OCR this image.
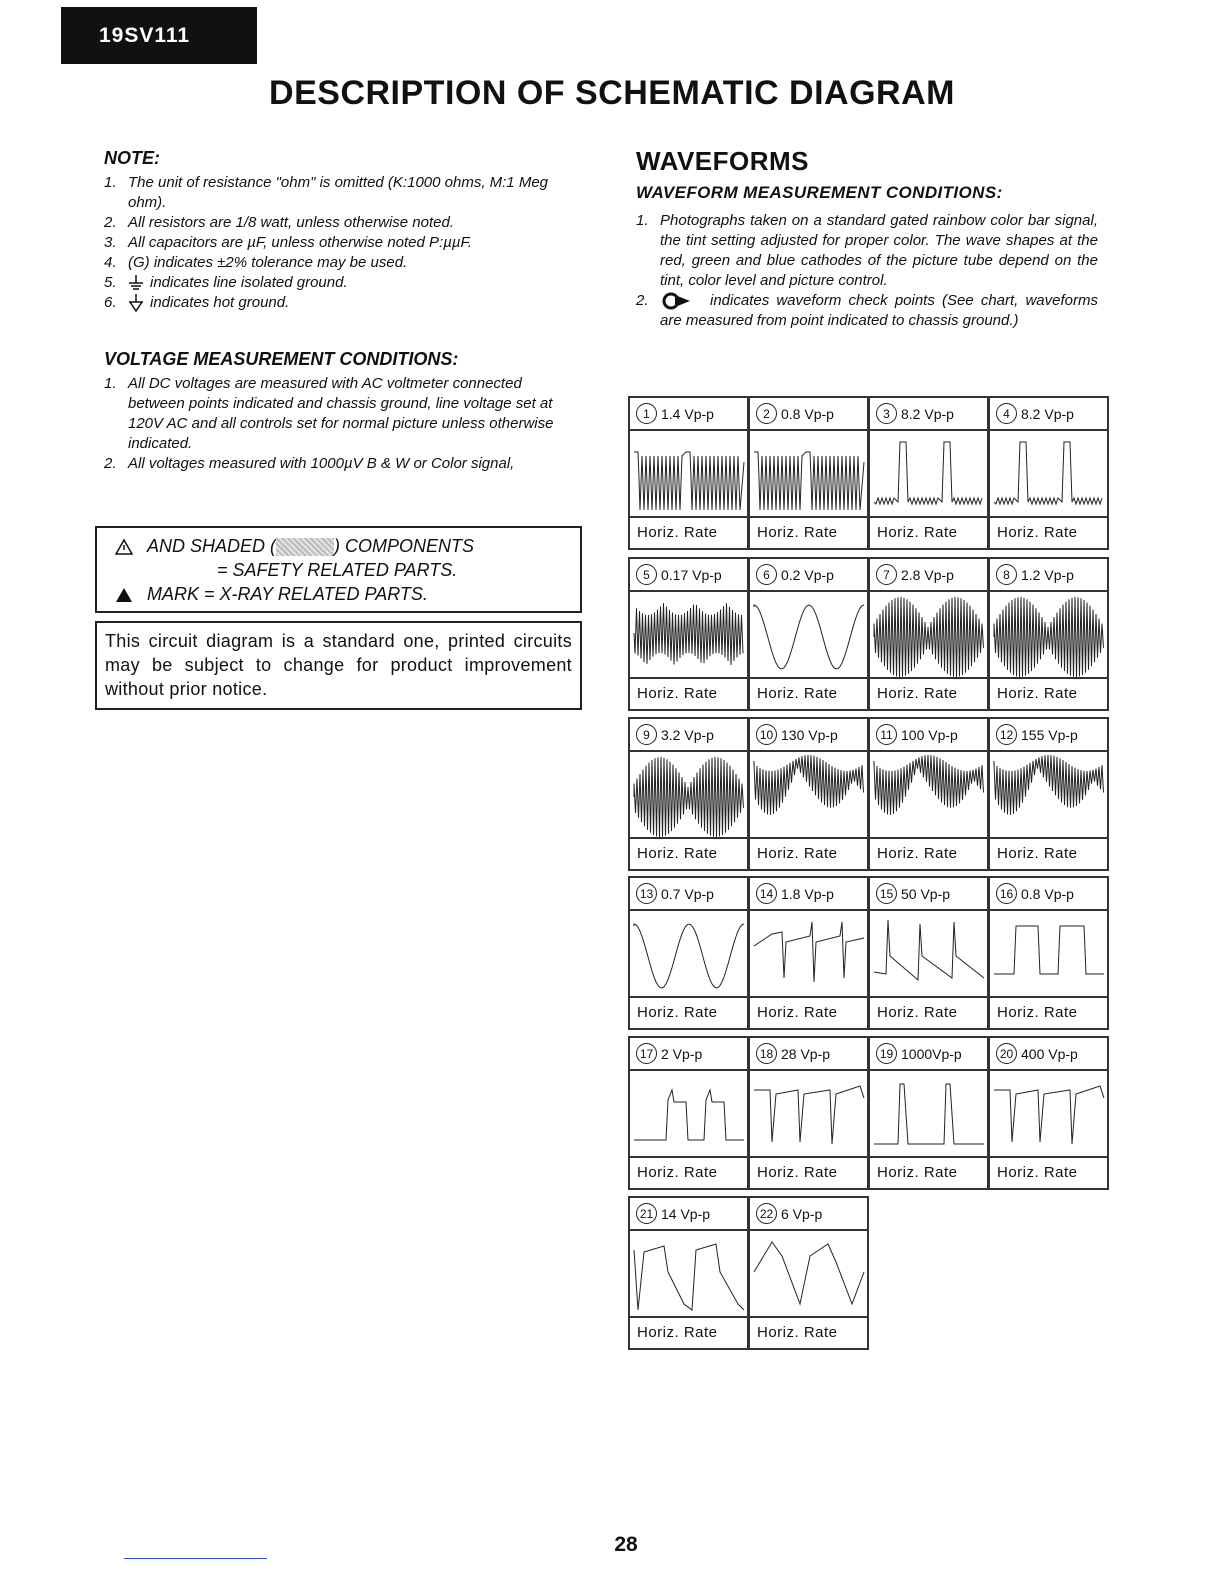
19SV111
DESCRIPTION OF SCHEMATIC DIAGRAM
NOTE:
1. The unit of resistance "ohm" is omitted (K:1000 ohms, M:1 Meg ohm).
2. All resistors are 1/8 watt, unless otherwise noted.
3. All capacitors are µF, unless otherwise noted P:µµF.
4. (G) indicates ±2% tolerance may be used.
5. indicates line isolated ground.
6. indicates hot ground.
VOLTAGE MEASUREMENT CONDITIONS:
1. All DC voltages are measured with AC voltmeter connected between points indicated and chassis ground, line voltage set at 120V AC and all controls set for normal picture unless otherwise indicated.
2. All voltages measured with 1000µV B & W or Color signal,
AND SHADED (	) COMPONENTS
= SAFETY RELATED PARTS.
MARK = X-RAY RELATED PARTS.
This circuit diagram is a standard one, printed circuits may be subject to change for product improvement without prior notice.
WAVEFORMS
WAVEFORM MEASUREMENT CONDITIONS:
1. Photographs taken on a standard gated rainbow color bar signal, the tint setting adjusted for proper color. The wave shapes at the red, green and blue cathodes of the picture tube depend on the tint, color level and picture control.
2.	indicates waveform check points (See chart, waveforms are measured from point indicated to chassis ground.)
1 1.4 Vp-p
Horiz. Rate
2 0.8 Vp-p
Horiz. Rate
3 8.2 Vp-p
Horiz. Rate
4 8.2 Vp-p
Horiz. Rate
5 0.17 Vp-p
Horiz. Rate
6 0.2 Vp-p
Horiz. Rate
7 2.8 Vp-p
Horiz. Rate
8 1.2 Vp-p
Horiz. Rate
9 3.2 Vp-p
Horiz. Rate
10 130 Vp-p
Horiz. Rate
11 100 Vp-p
Horiz. Rate
12 155 Vp-p
Horiz. Rate
13 0.7 Vp-p
Horiz. Rate
14 1.8 Vp-p
Horiz. Rate
15 50 Vp-p
Horiz. Rate
16 0.8 Vp-p
Horiz. Rate
17 2 Vp-p
Horiz. Rate
18 28 Vp-p
Horiz. Rate
19 1000Vp-p
Horiz. Rate
20 400 Vp-p
Horiz. Rate
21 14 Vp-p
Horiz. Rate
22 6 Vp-p
Horiz. Rate
28
